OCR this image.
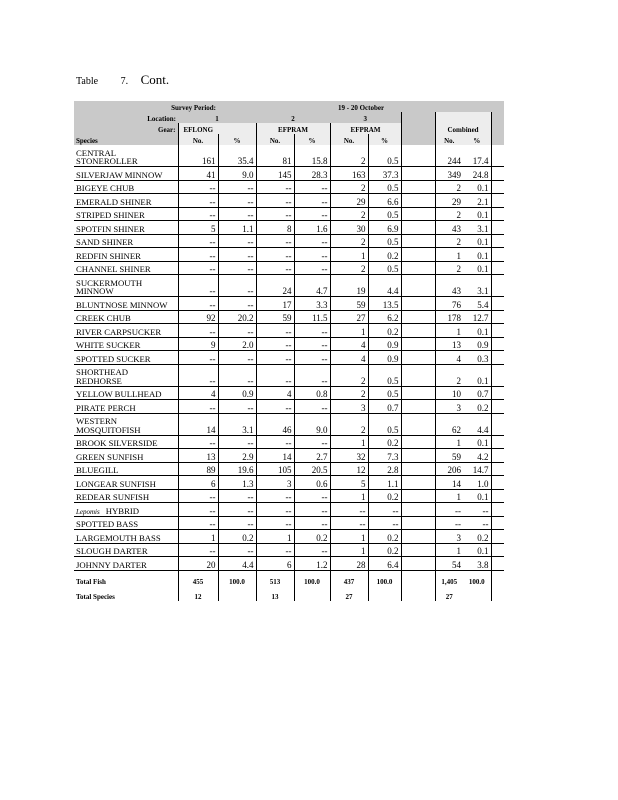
Table 7. Cont.
Survey Period:		19 - 20 October								
Location:	1		2		3					
Gear:	EFLONG		EFPRAM		EFPRAM			Combined		
Species	No.	%	No.	%	No.	%		No.	%	
CENTRAL STONEROLLER	161	35.4	81	15.8	2	0.5		244	17.4	
SILVERJAW MINNOW	41	9.0	145	28.3	163	37.3		349	24.8	
BIGEYE CHUB	--	--	--	--	2	0.5		2	0.1	
EMERALD SHINER	--	--	--	--	29	6.6		29	2.1	
STRIPED SHINER	--	--	--	--	2	0.5		2	0.1	
SPOTFIN SHINER	5	1.1	8	1.6	30	6.9		43	3.1	
SAND SHINER	--	--	--	--	2	0.5		2	0.1	
REDFIN SHINER	--	--	--	--	1	0.2		1	0.1	
CHANNEL SHINER	--	--	--	--	2	0.5		2	0.1	
SUCKERMOUTH MINNOW	--	--	24	4.7	19	4.4		43	3.1	
BLUNTNOSE MINNOW	--	--	17	3.3	59	13.5		76	5.4	
CREEK CHUB	92	20.2	59	11.5	27	6.2		178	12.7	
RIVER CARPSUCKER	--	--	--	--	1	0.2		1	0.1	
WHITE SUCKER	9	2.0	--	--	4	0.9		13	0.9	
SPOTTED SUCKER	--	--	--	--	4	0.9		4	0.3	
SHORTHEAD REDHORSE	--	--	--	--	2	0.5		2	0.1	
YELLOW BULLHEAD	4	0.9	4	0.8	2	0.5		10	0.7	
PIRATE PERCH	--	--	--	--	3	0.7		3	0.2	
WESTERN MOSQUITOFISH	14	3.1	46	9.0	2	0.5		62	4.4	
BROOK SILVERSIDE	--	--	--	--	1	0.2		1	0.1	
GREEN SUNFISH	13	2.9	14	2.7	32	7.3		59	4.2	
BLUEGILL	89	19.6	105	20.5	12	2.8		206	14.7	
LONGEAR SUNFISH	6	1.3	3	0.6	5	1.1		14	1.0	
REDEAR SUNFISH	--	--	--	--	1	0.2		1	0.1	
Lepomis HYBRID	--	--	--	--	--	--		--	--	
SPOTTED BASS	--	--	--	--	--	--		--	--	
LARGEMOUTH BASS	1	0.2	1	0.2	1	0.2		3	0.2	
SLOUGH DARTER	--	--	--	--	1	0.2		1	0.1	
JOHNNY DARTER	20	4.4	6	1.2	28	6.4		54	3.8	
Total Fish	455	100.0	513	100.0	437	100.0		1,405	100.0	
Total Species	12		13		27			27		
